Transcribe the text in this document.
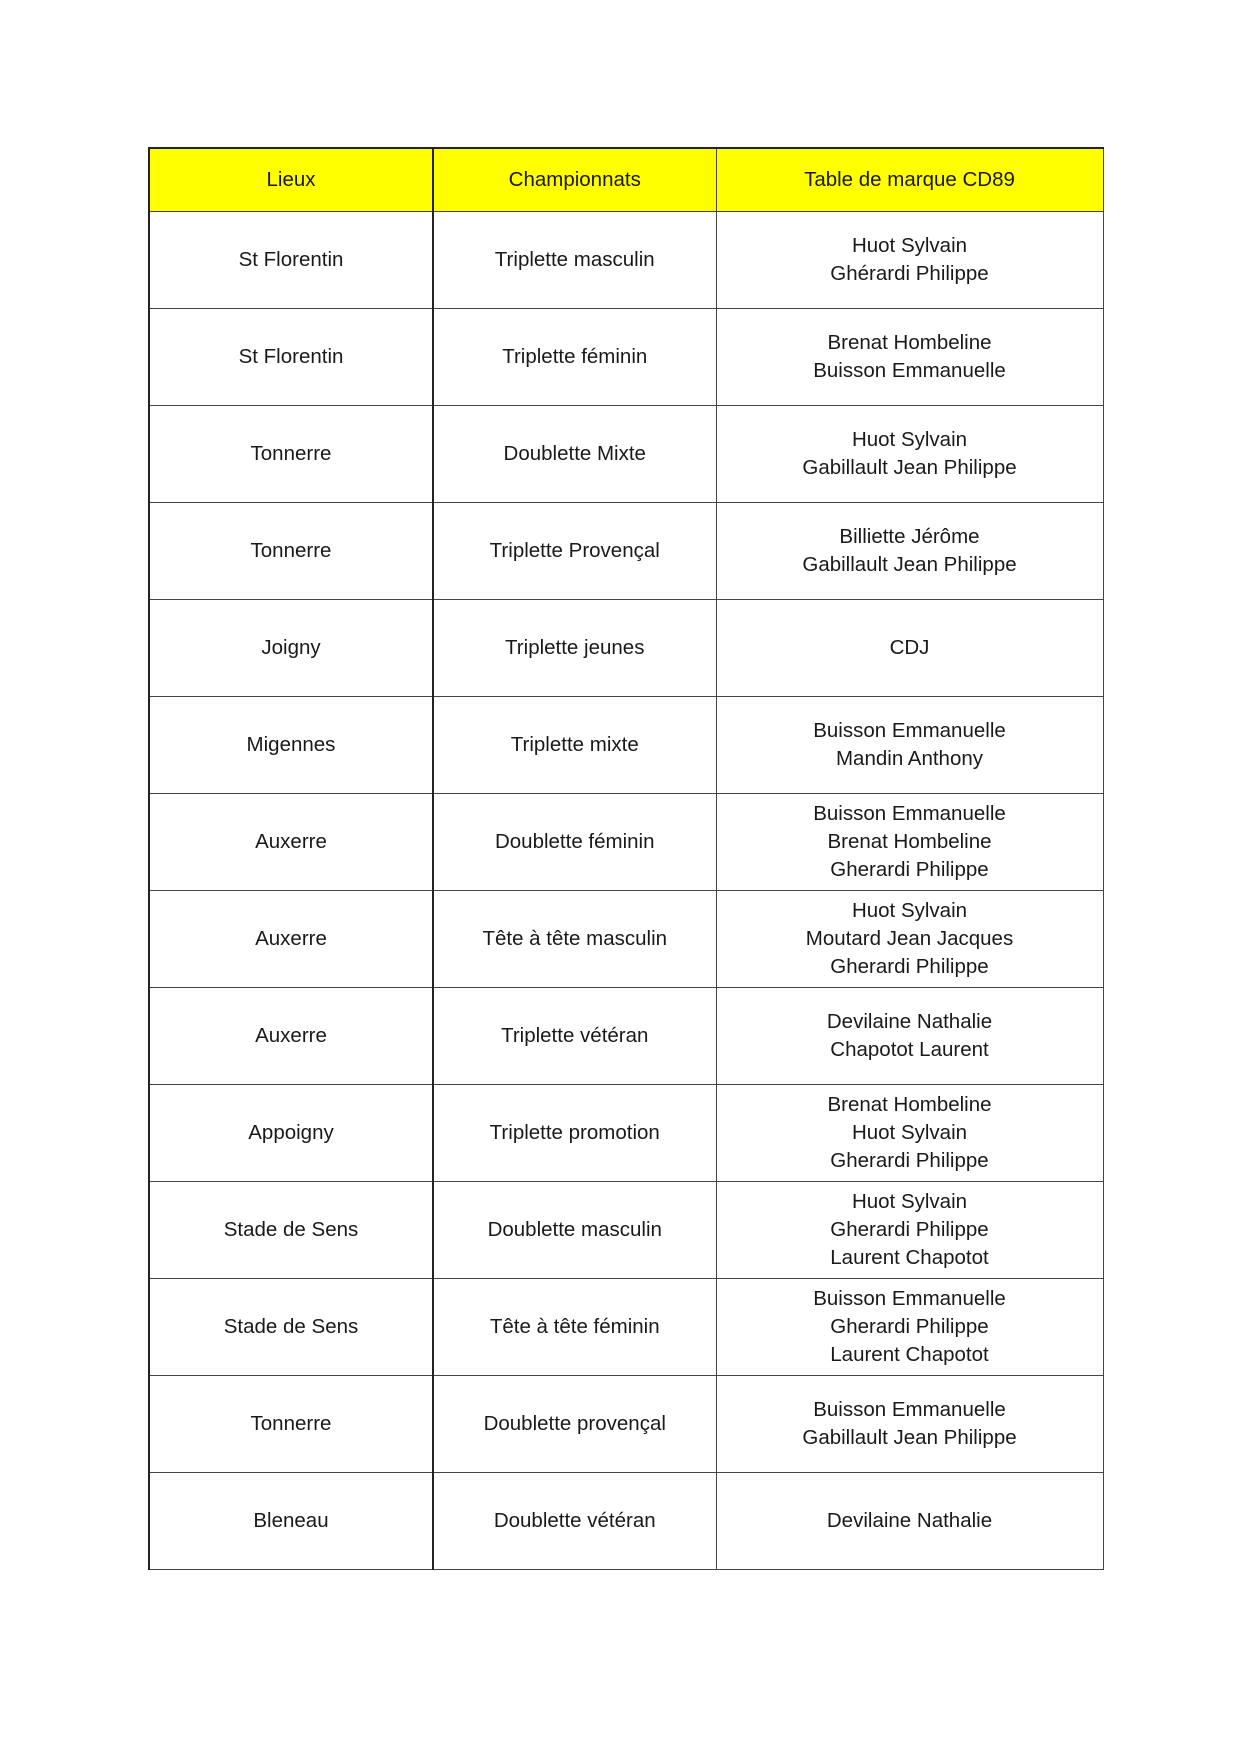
Lieux	Championnats	Table de marque CD89
St Florentin	Triplette masculin	Huot Sylvain
Ghérardi Philippe

St Florentin	Triplette féminin	Brenat Hombeline
Buisson Emmanuelle

Tonnerre	Doublette Mixte	Huot Sylvain
Gabillault Jean Philippe

Tonnerre	Triplette Provençal	Billiette Jérôme
Gabillault Jean Philippe

Joigny	Triplette jeunes	CDJ

Migennes	Triplette mixte	Buisson Emmanuelle
Mandin Anthony

Auxerre	Doublette féminin	Buisson Emmanuelle
Brenat Hombeline
Gherardi Philippe

Auxerre	Tête à tête masculin	Huot Sylvain
Moutard Jean Jacques
Gherardi Philippe

Auxerre	Triplette vétéran	Devilaine Nathalie
Chapotot Laurent

Appoigny	Triplette promotion	Brenat Hombeline
Huot Sylvain
Gherardi Philippe

Stade de Sens	Doublette masculin	Huot Sylvain
Gherardi Philippe
Laurent Chapotot

Stade de Sens	Tête à tête féminin	Buisson Emmanuelle
Gherardi Philippe
Laurent Chapotot

Tonnerre	Doublette provençal	Buisson Emmanuelle
Gabillault Jean Philippe

Bleneau	Doublette vétéran	Devilaine Nathalie
